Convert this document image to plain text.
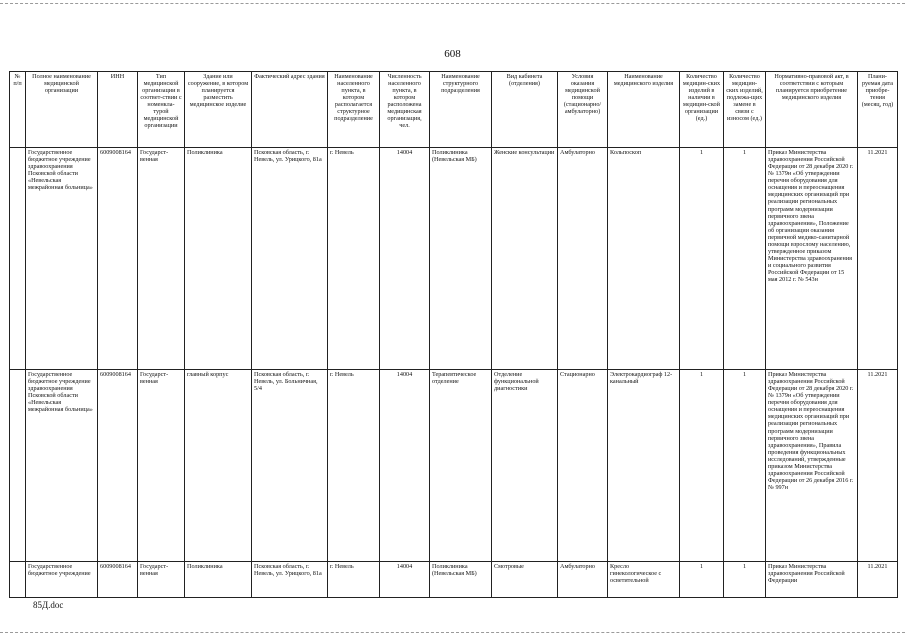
608
№ п/п	Полное наименование медицинской организации	ИНН	Тип медицинской организации в соответ-ствии с номенкла-турой медицинской организации	Здание или сооружение, в котором планируется разместить медицинское изделие	Фактический адрес здания	Наименование населенного пункта, в котором располагается структурное подразделение	Численность населенного пункта, в котором расположена медицинская организация, чел.	Наименование структурного подразделения	Вид кабинета (отделения)	Условия оказания медицинской помощи (стационарно/ амбулаторно)	Наименование медицинского изделия	Количество медицин-ских изделий в наличии в медицин-ской организации (ед.)	Количество медицин-ских изделий, подлежа-щих замене в связи с износом (ед.)	Нормативно-правовой акт, в соответствии с которым планируется приобретение медицинского изделия	Плани-руемая дата приобре-тения (месяц, год)
	Государственное бюджетное учреждение здравоохранения Псковской области «Невельская межрайонная больница»	6009008164	Государст-венная	Поликлиника	Псковская область, г. Невель, ул. Урицкого, 81а	г. Невель	14004	Поликлиника (Невельская МБ)	Женские консультации	Амбулаторно	Кольпоскоп	1	1	Приказ Министерства здравоохранения Российской Федерации от 28 декабря 2020 г. № 1379н «Об утверждении перечня оборудования для оснащения и переоснащения медицинских организаций при реализации региональных программ модернизации первичного звена здравоохранения», Положение об организации оказания первичной медико-санитарной помощи взрослому населению, утвержденное приказом Министерства здравоохранения и социального развития Российской Федерации от 15 мая 2012 г. № 543н	11.2021
	Государственное бюджетное учреждение здравоохранения Псковской области «Невельская межрайонная больница»	6009008164	Государст-венная	главный корпус	Псковская область, г. Невель, ул. Больничная, 5/4	г. Невель	14004	Терапевтическое отделение	Отделение функциональной диагностики	Стационарно	Электрокардиограф 12-канальный	1	1	Приказ Министерства здравоохранения Российской Федерации от 28 декабря 2020 г. № 1379н «Об утверждении перечня оборудования для оснащения и переоснащения медицинских организаций при реализации региональных программ модернизации первичного звена здравоохранения», Правила проведения функциональных исследований, утвержденные приказом Министерства здравоохранения Российской Федерации от 26 декабря 2016 г. № 997н	11.2021
	Государственное бюджетное учреждение	6009008164	Государст-венная	Поликлиника	Псковская область, г. Невель, ул. Урицкого, 81а	г. Невель	14004	Поликлиника (Невельская МБ)	Смотровые	Амбулаторно	Кресло гинекологическое с осветительной	1	1	Приказ Министерства здравоохранения Российской Федерации	11.2021
85Д.doc
